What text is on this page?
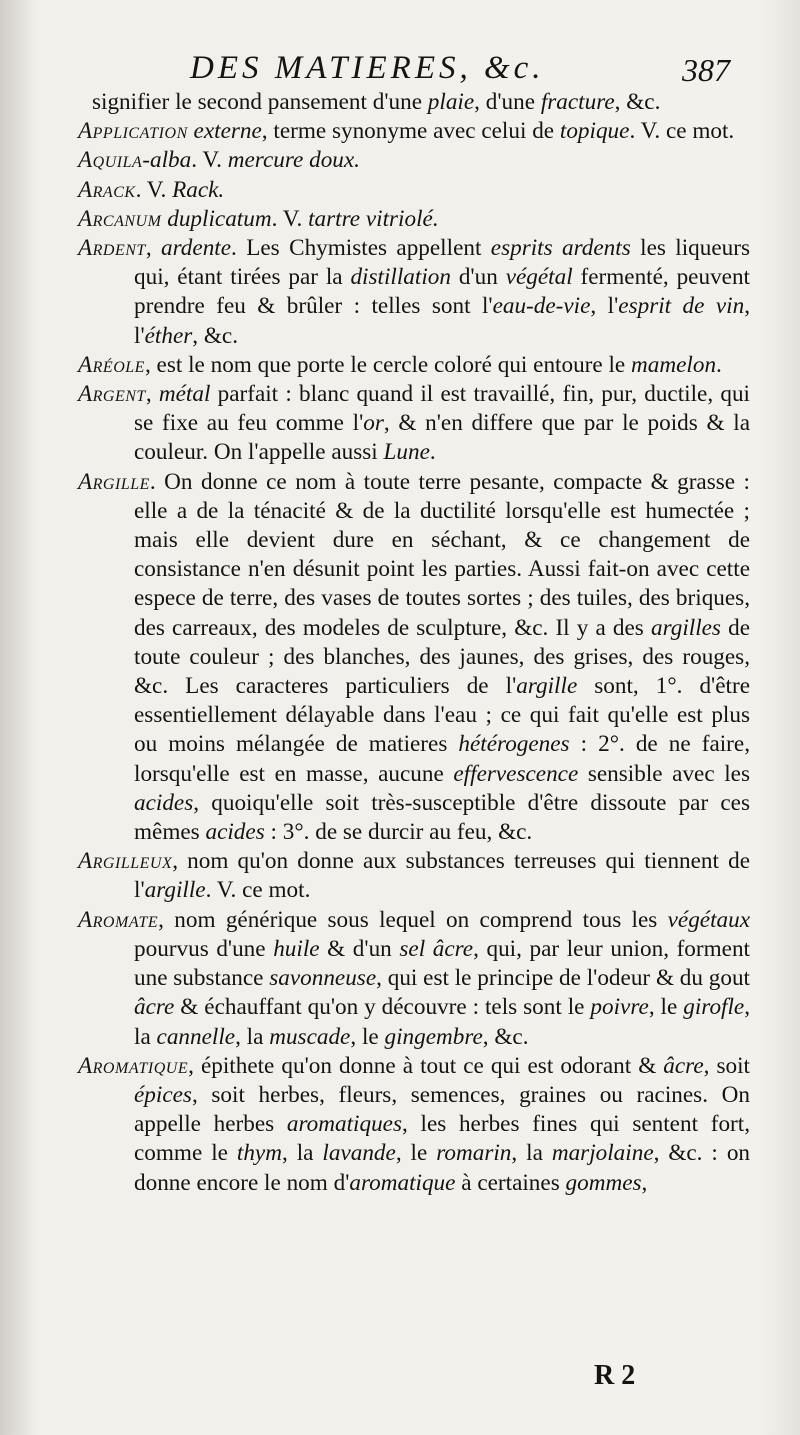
DES MATIERES, &c.	387

signifier le second pansement d'une plaie, d'une fracture, &c.

Application externe, terme synonyme avec celui de topique. V. ce mot.

Aquila-alba. V. mercure doux.

Arack. V. Rack.

Arcanum duplicatum. V. tartre vitriolé.

Ardent, ardente. Les Chymistes appellent esprits ardents les liqueurs qui, étant tirées par la distillation d'un végétal fermenté, peuvent prendre feu & brûler : telles sont l'eau-de-vie, l'esprit de vin, l'éther, &c.

Aréole, est le nom que porte le cercle coloré qui entoure le mamelon.

Argent, métal parfait : blanc quand il est travaillé, fin, pur, ductile, qui se fixe au feu comme l'or, & n'en differe que par le poids & la couleur. On l'appelle aussi Lune.

Argille. On donne ce nom à toute terre pesante, compacte & grasse : elle a de la ténacité & de la ductilité lorsqu'elle est humectée ; mais elle devient dure en séchant, & ce changement de consistance n'en désunit point les parties. Aussi fait-on avec cette espece de terre, des vases de toutes sortes ; des tuiles, des briques, des carreaux, des modeles de sculpture, &c. Il y a des argilles de toute couleur ; des blanches, des jaunes, des grises, des rouges, &c. Les caracteres particuliers de l'argille sont, 1°. d'être essentiellement délayable dans l'eau ; ce qui fait qu'elle est plus ou moins mélangée de matieres hétérogenes : 2°. de ne faire, lorsqu'elle est en masse, aucune effervescence sensible avec les acides, quoiqu'elle soit très-susceptible d'être dissoute par ces mêmes acides : 3°. de se durcir au feu, &c.

Argilleux, nom qu'on donne aux substances terreuses qui tiennent de l'argille. V. ce mot.

Aromate, nom générique sous lequel on comprend tous les végétaux pourvus d'une huile & d'un sel âcre, qui, par leur union, forment une substance savonneuse, qui est le principe de l'odeur & du gout âcre & échauffant qu'on y découvre : tels sont le poivre, le girofle, la cannelle, la muscade, le gingembre, &c.

Aromatique, épithete qu'on donne à tout ce qui est odorant & âcre, soit épices, soit herbes, fleurs, semences, graines ou racines. On appelle herbes aromatiques, les herbes fines qui sentent fort, comme le thym, la lavande, le romarin, la marjolaine, &c. : on donne encore le nom d'aromatique à certaines gommes,

R 2
